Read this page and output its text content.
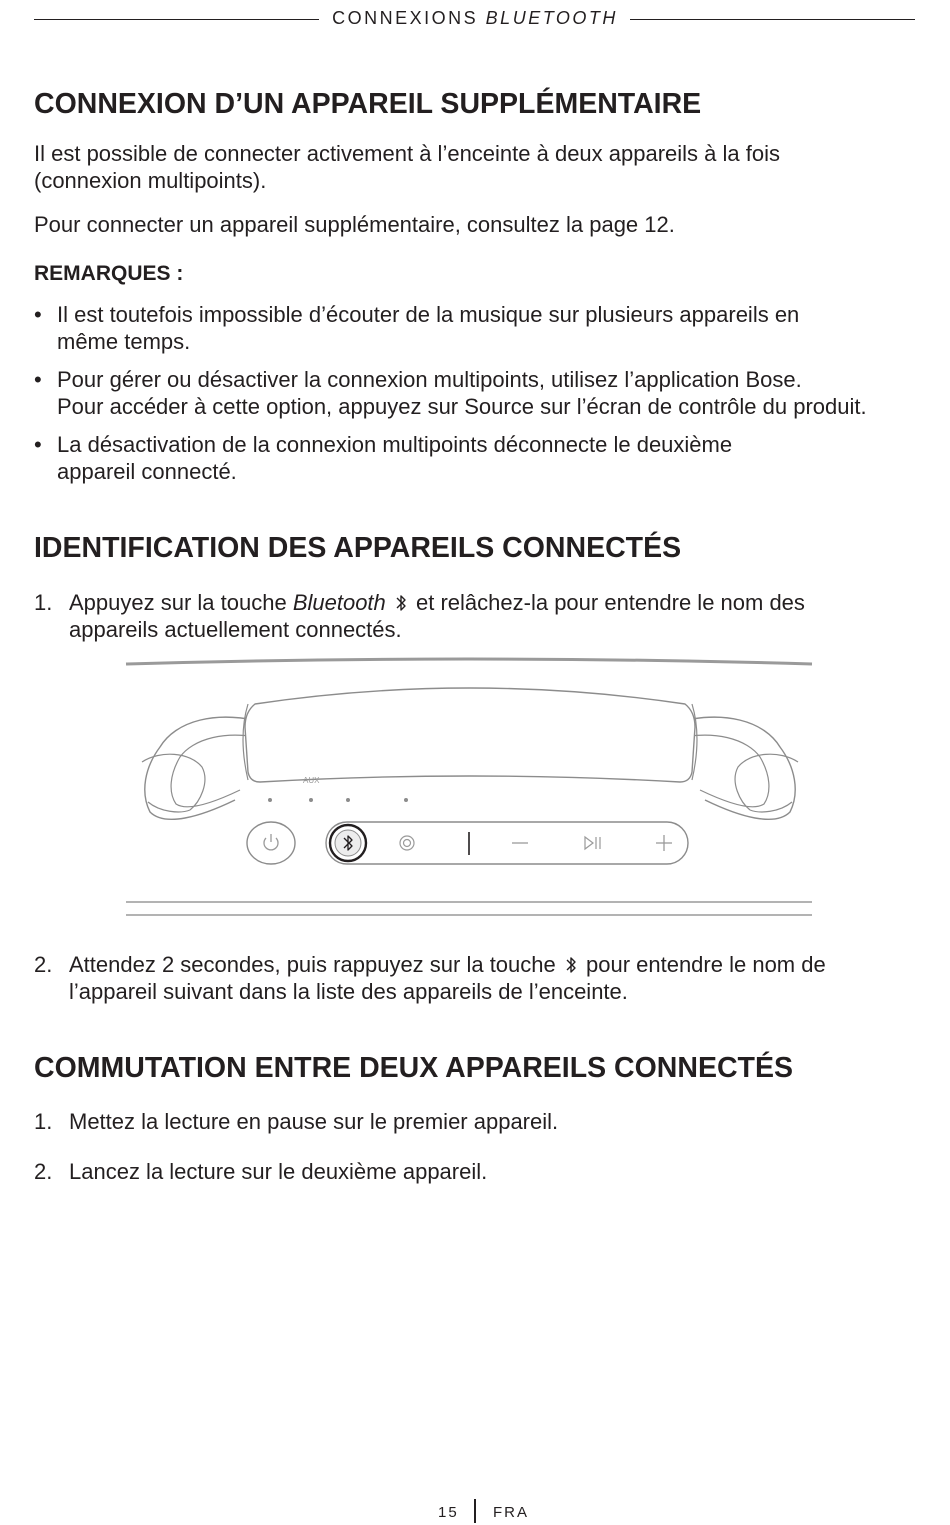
CONNEXIONS BLUETOOTH
CONNEXION D’UN APPAREIL SUPPLÉMENTAIRE

Il est possible de connecter activement à l’enceinte à deux appareils à la fois
(connexion multipoints).

Pour connecter un appareil supplémentaire, consultez la page 12.

REMARQUES :
• Il est toutefois impossible d’écouter de la musique sur plusieurs appareils en
même temps.
• Pour gérer ou désactiver la connexion multipoints, utilisez l’application Bose.
Pour accéder à cette option, appuyez sur Source sur l’écran de contrôle du produit.
• La désactivation de la connexion multipoints déconnecte le deuxième
appareil connecté.
IDENTIFICATION DES APPAREILS CONNECTÉS
1. Appuyez sur la touche Bluetooth  et relâchez-la pour entendre le nom des
appareils actuellement connectés.
AUX
2. Attendez 2 secondes, puis rappuyez sur la touche  pour entendre le nom de
l’appareil suivant dans la liste des appareils de l’enceinte.
COMMUTATION ENTRE DEUX APPAREILS CONNECTÉS
1. Mettez la lecture en pause sur le premier appareil.
2. Lancez la lecture sur le deuxième appareil.
15 FRA
